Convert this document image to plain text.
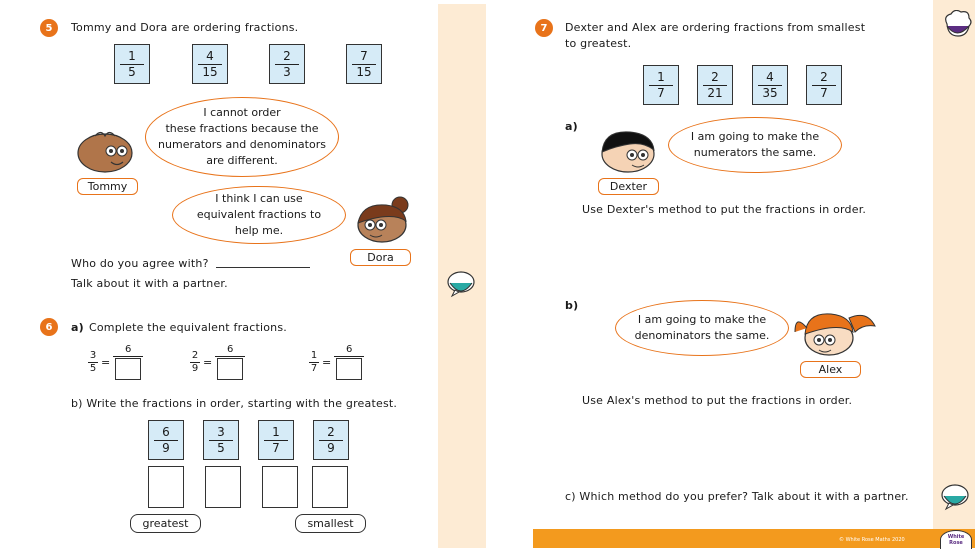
5	Tommy and Dora are ordering fractions.
1
5
4
15
2
3
7
15
I cannot order
these fractions because the
numerators and denominators
are different.
Tommy
I think I can use
equivalent fractions to
help me.
Dora
Who do you agree with?
Talk about it with a partner.
6	a) Complete the equivalent fractions.
$\frac{3}{5}$ =
6
$\frac{2}{9}$ =
6
$\frac{1}{7}$ =
6
b) Write the fractions in order, starting with the greatest.
6
9
3
5
1
7
2
9
greatest	smallest
7	Dexter and Alex are ordering fractions from smallest
to greatest.
1
7
2
21
4
35
2
7
a)
I am going to make the
numerators the same.
Dexter
Use Dexter's method to put the fractions in order.
b)
I am going to make the
denominators the same.
Alex
Use Alex's method to put the fractions in order.
c) Which method do you prefer? Talk about it with a partner.
© White Rose Maths 2020	White
Rose
